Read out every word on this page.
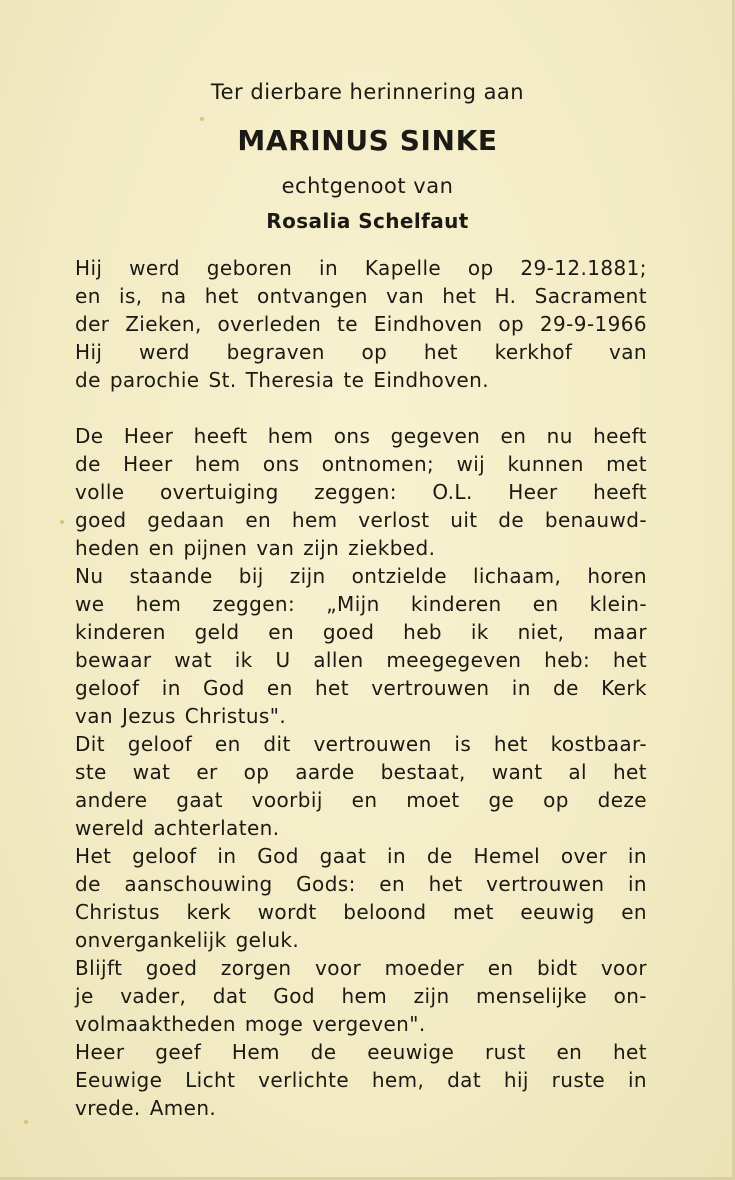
Ter dierbare herinnering aan
MARINUS SINKE
echtgenoot van
Rosalia Schelfaut
Hij werd geboren in Kapelle op 29-12.1881;
en is, na het ontvangen van het H. Sacrament
der Zieken, overleden te Eindhoven op 29-9-1966
Hij werd begraven op het kerkhof van
de parochie St. Theresia te Eindhoven.
De Heer heeft hem ons gegeven en nu heeft
de Heer hem ons ontnomen; wij kunnen met
volle overtuiging zeggen: O.L. Heer heeft
goed gedaan en hem verlost uit de benauwd-
heden en pijnen van zijn ziekbed.
Nu staande bij zijn ontzielde lichaam, horen
we hem zeggen: „Mijn kinderen en klein-
kinderen geld en goed heb ik niet, maar
bewaar wat ik U allen meegegeven heb: het
geloof in God en het vertrouwen in de Kerk
van Jezus Christus".
Dit geloof en dit vertrouwen is het kostbaar-
ste wat er op aarde bestaat, want al het
andere gaat voorbij en moet ge op deze
wereld achterlaten.
Het geloof in God gaat in de Hemel over in
de aanschouwing Gods: en het vertrouwen in
Christus kerk wordt beloond met eeuwig en
onvergankelijk geluk.
Blijft goed zorgen voor moeder en bidt voor
je vader, dat God hem zijn menselijke on-
volmaaktheden moge vergeven".
Heer geef Hem de eeuwige rust en het
Eeuwige Licht verlichte hem, dat hij ruste in
vrede. Amen.
